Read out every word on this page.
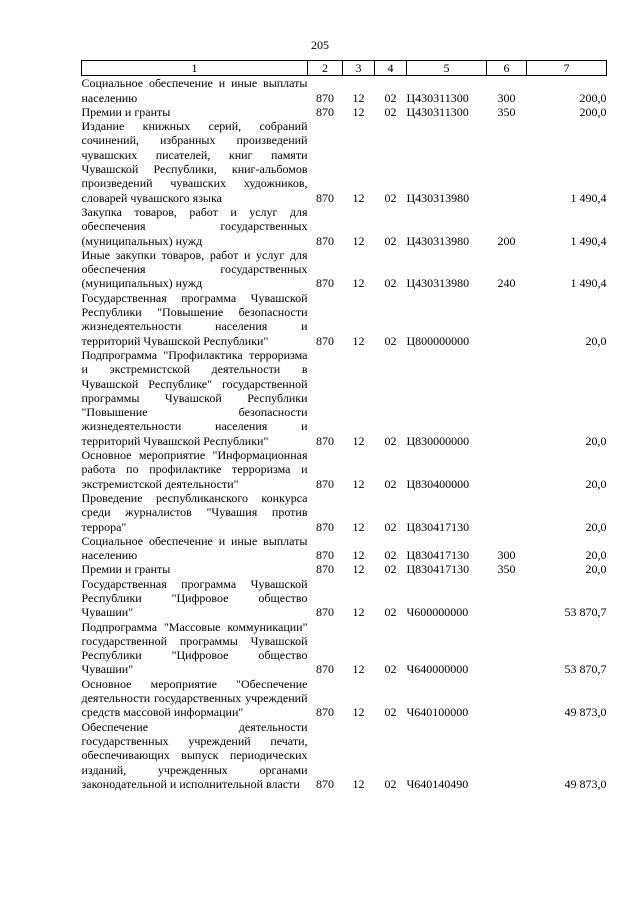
205
1	2	3	4	5	6	7
Социальное обеспечение и иные выплаты населению	870	12	02	Ц430311300	300	200,0
Премии и гранты	870	12	02	Ц430311300	350	200,0
Издание книжных серий, собраний сочинений, избранных произведений чувашских писателей, книг памяти Чувашской Республики, книг-альбомов произведений чувашских художников, словарей чувашского языка	870	12	02	Ц430313980		1 490,4
Закупка товаров, работ и услуг для обеспечения государственных (муниципальных) нужд	870	12	02	Ц430313980	200	1 490,4
Иные закупки товаров, работ и услуг для обеспечения государственных (муниципальных) нужд	870	12	02	Ц430313980	240	1 490,4
Государственная программа Чувашской Республики "Повышение безопасности жизнедеятельности населения и территорий Чувашской Республики"	870	12	02	Ц800000000		20,0
Подпрограмма "Профилактика терроризма и экстремистской деятельности в Чувашской Республике" государственной программы Чувашской Республики "Повышение безопасности жизнедеятельности населения и территорий Чувашской Республики"	870	12	02	Ц830000000		20,0
Основное мероприятие "Информационная работа по профилактике терроризма и экстремистской деятельности"	870	12	02	Ц830400000		20,0
Проведение республиканского конкурса среди журналистов "Чувашия против террора"	870	12	02	Ц830417130		20,0
Социальное обеспечение и иные выплаты населению	870	12	02	Ц830417130	300	20,0
Премии и гранты	870	12	02	Ц830417130	350	20,0
Государственная программа Чувашской Республики "Цифровое общество Чувашии"	870	12	02	Ч600000000		53 870,7
Подпрограмма "Массовые коммуникации" государственной программы Чувашской Республики "Цифровое общество Чувашии"	870	12	02	Ч640000000		53 870,7
Основное мероприятие "Обеспечение деятельности государственных учреждений средств массовой информации"	870	12	02	Ч640100000		49 873,0
Обеспечение деятельности государственных учреждений печати, обеспечивающих выпуск периодических изданий, учрежденных органами законодательной и исполнительной власти	870	12	02	Ч640140490		49 873,0
